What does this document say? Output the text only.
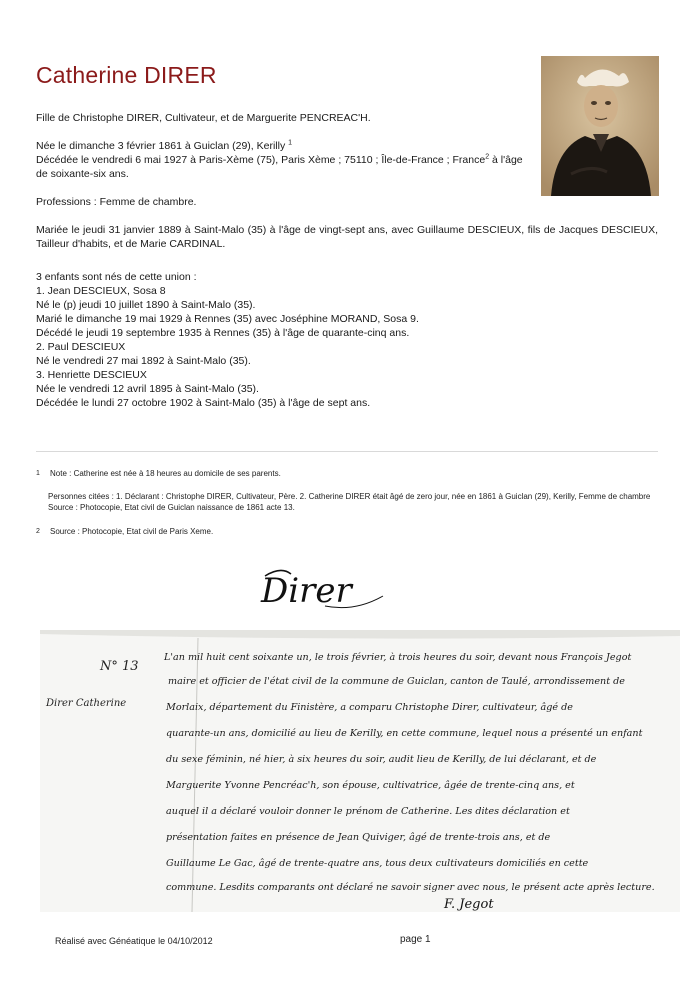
Catherine DIRER

Fille de Christophe DIRER, Cultivateur, et de Marguerite PENCREAC'H.

Née le dimanche 3 février 1861 à Guiclan (29), Kerilly $^1$

Décédée le vendredi 6 mai 1927 à Paris-Xème (75), Paris Xème ; 75110 ; Île-de-France ; France$^2$ à l'âge
de soixante-six ans.

Professions : Femme de chambre.

Mariée le jeudi 31 janvier 1889 à Saint-Malo (35) à l'âge de vingt-sept ans, avec Guillaume DESCIEUX, fils de Jacques DESCIEUX, Tailleur d'habits, et de Marie CARDINAL.

3 enfants sont nés de cette union :

1. Jean DESCIEUX, Sosa 8

Né le (p) jeudi 10 juillet 1890 à Saint-Malo (35).

Marié le dimanche 19 mai 1929 à Rennes (35) avec Joséphine MORAND, Sosa 9.

Décédé le jeudi 19 septembre 1935 à Rennes (35) à l'âge de quarante-cinq ans.

2. Paul DESCIEUX

Né le vendredi 27 mai 1892 à Saint-Malo (35).

3. Henriette DESCIEUX

Née le vendredi 12 avril 1895 à Saint-Malo (35).

Décédée le lundi 27 octobre 1902 à Saint-Malo (35) à l'âge de sept ans.

1 Note : Catherine est née à 18 heures au domicile de ses parents.
Personnes citées : 1. Déclarant : Christophe DIRER, Cultivateur, Père. 2. Catherine DIRER était âgé de zero jour, née en 1861 à Guiclan (29), Kerilly, Femme de chambre
Source : Photocopie, Etat civil de Guiclan naissance de 1861 acte 13.
2 Source : Photocopie, Etat civil de Paris Xeme.
Direr
N° 13
Direr Catherine
L'an mil huit cent soixante un, le trois février, à trois heures du soir, devant nous François Jegot
maire et officier de l'état civil de la commune de Guiclan, canton de Taulé, arrondissement de
Morlaix, département du Finistère, a comparu Christophe Direr, cultivateur, âgé de
quarante-un ans, domicilié au lieu de Kerilly, en cette commune, lequel nous a présenté un enfant
du sexe féminin, né hier, à six heures du soir, audit lieu de Kerilly, de lui déclarant, et de
Marguerite Yvonne Pencréac'h, son épouse, cultivatrice, âgée de trente-cinq ans, et
auquel il a déclaré vouloir donner le prénom de Catherine. Les dites déclaration et
présentation faites en présence de Jean Quiviger, âgé de trente-trois ans, et de
Guillaume Le Gac, âgé de trente-quatre ans, tous deux cultivateurs domiciliés en cette
commune. Lesdits comparants ont déclaré ne savoir signer avec nous, le présent acte après lecture.
F. Jegot
Réalisé avec Généatique le 04/10/2012	page 1
